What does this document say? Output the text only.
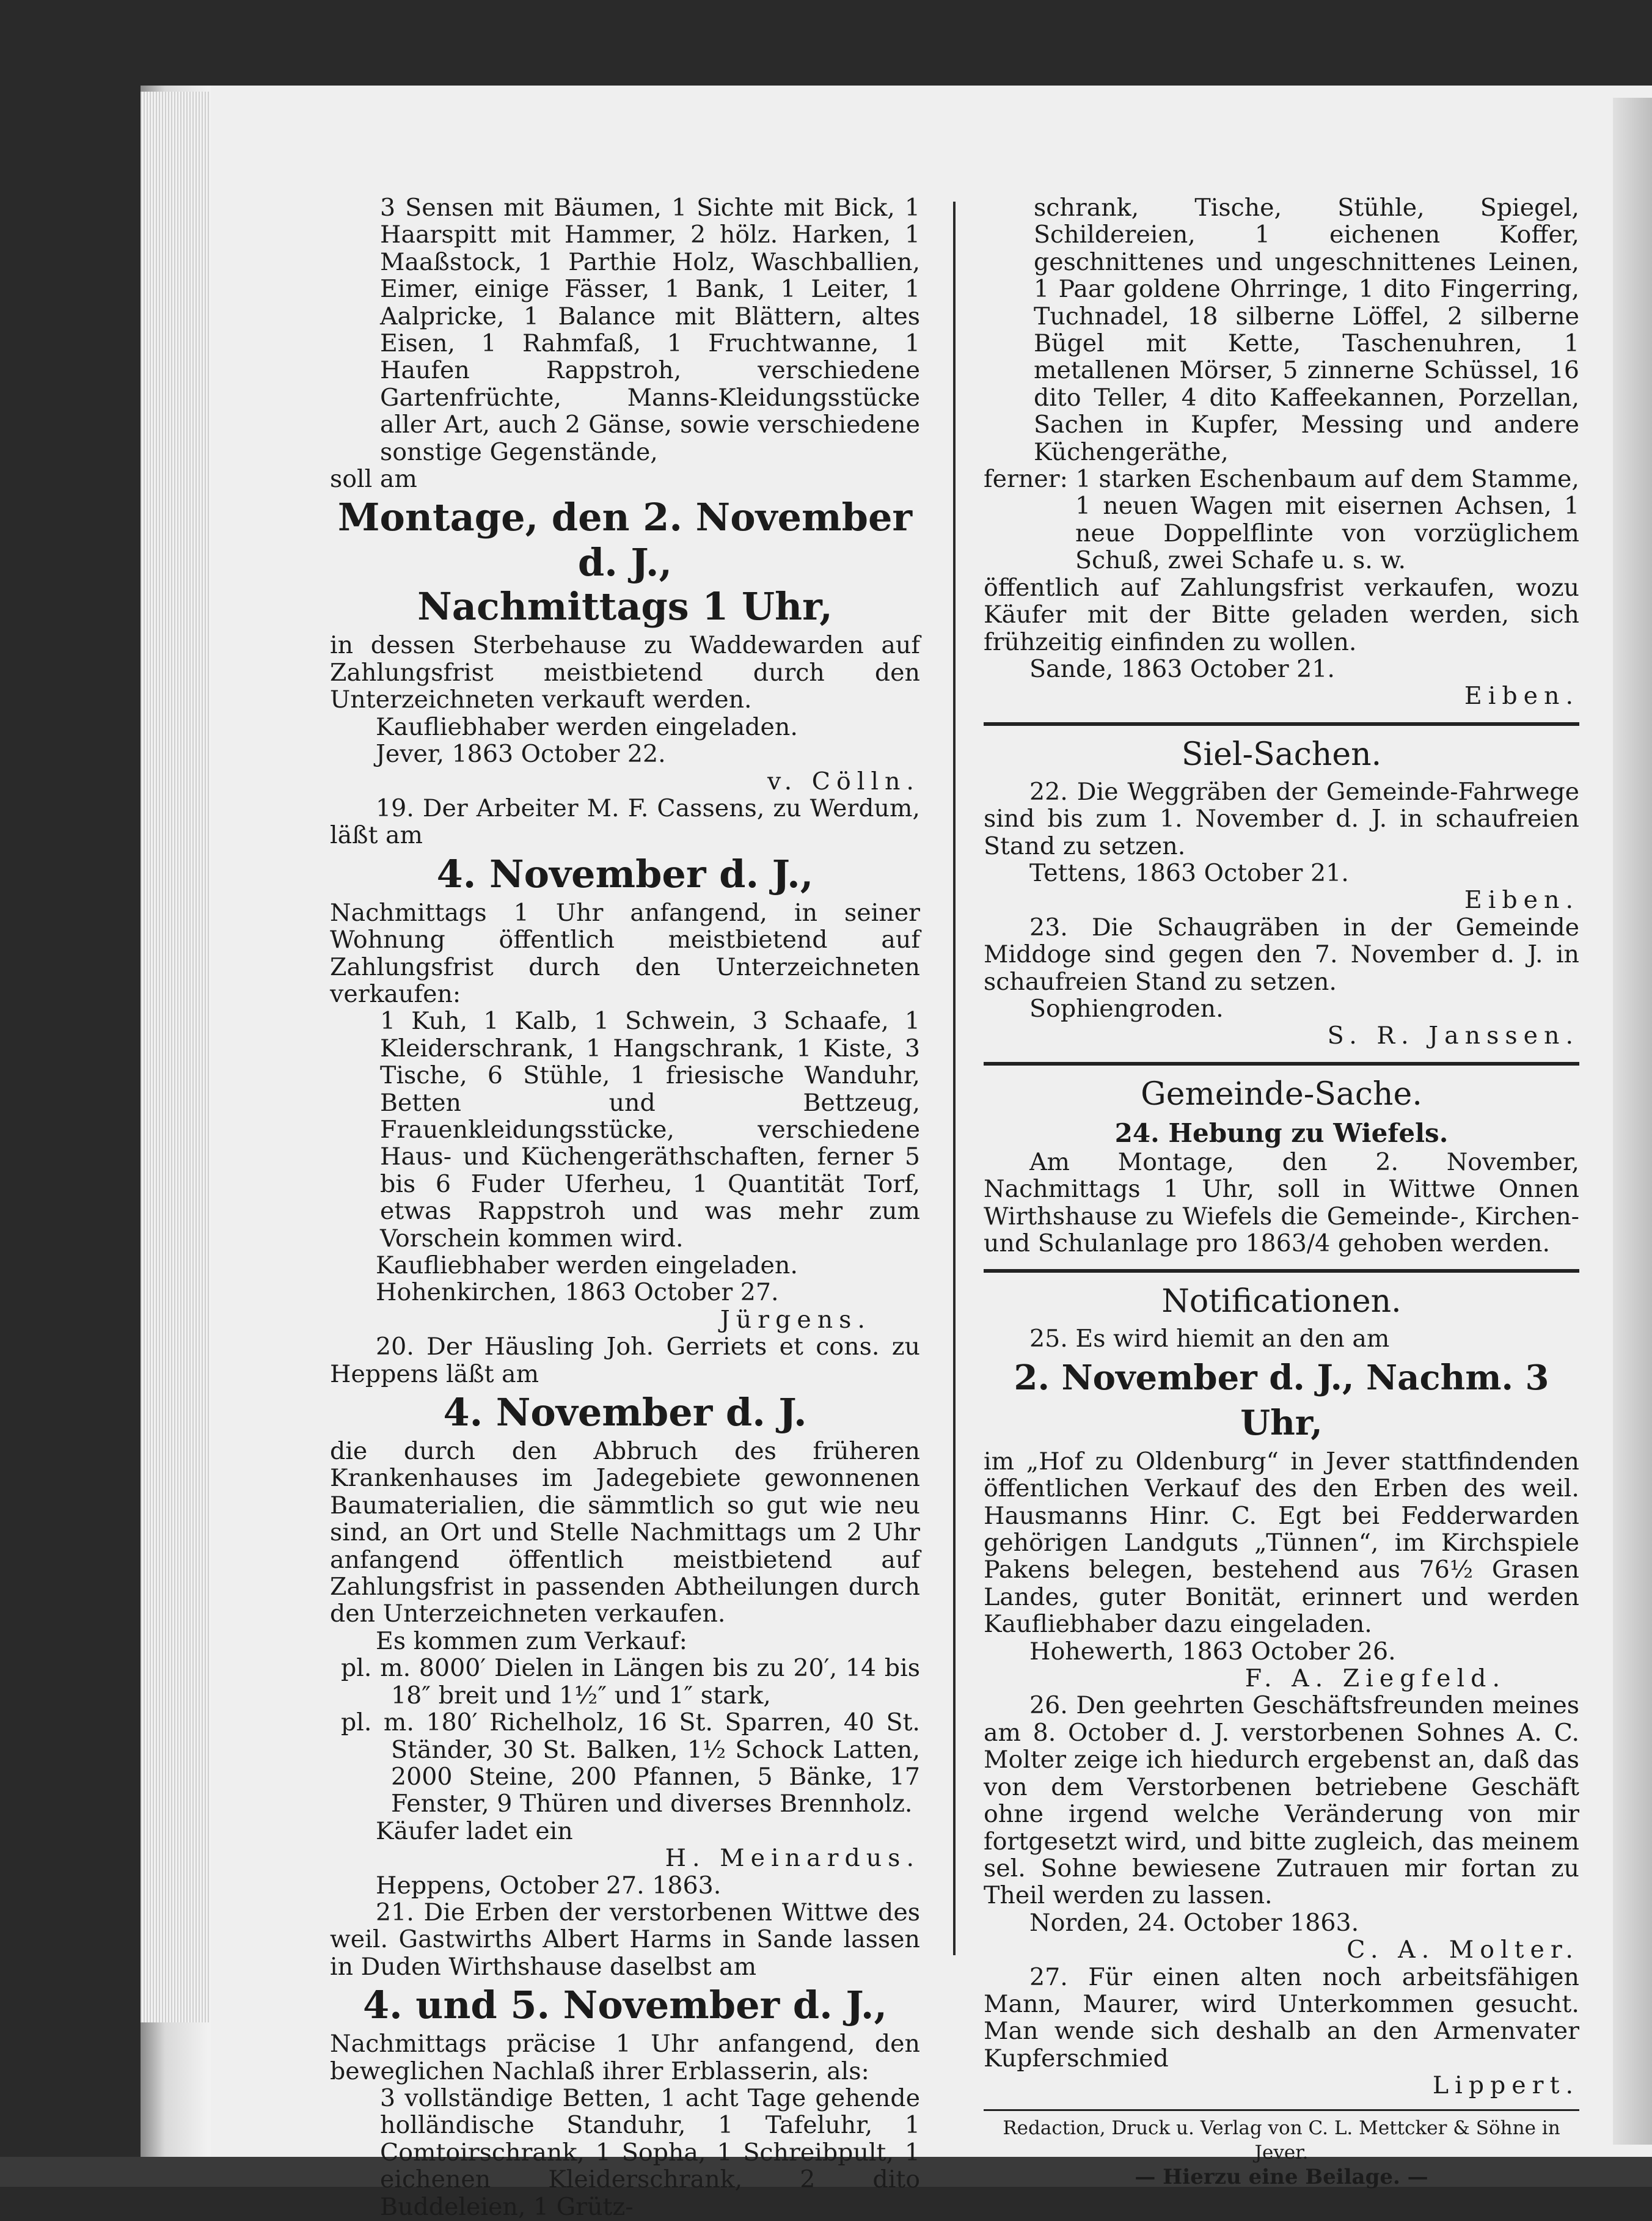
3 Sensen mit Bäumen, 1 Sichte mit Bick, 1 Haarspitt mit Hammer, 2 hölz. Harken, 1 Maaßstock, 1 Parthie Holz, Waschballien, Eimer, einige Fässer, 1 Bank, 1 Leiter, 1 Aalpricke, 1 Balance mit Blättern, altes Eisen, 1 Rahmfaß, 1 Fruchtwanne, 1 Haufen Rappstroh, verschiedene Gartenfrüchte, Manns-Kleidungsstücke aller Art, auch 2 Gänse, sowie verschiedene sonstige Gegenstände,

soll am

Montage, den 2. November d. J.,
Nachmittags 1 Uhr,

in dessen Sterbehause zu Waddewarden auf Zahlungsfrist meistbietend durch den Unterzeichneten verkauft werden.

Kaufliebhaber werden eingeladen.

Jever, 1863 October 22.

v. Cölln.

19. Der Arbeiter M. F. Cassens, zu Werdum, läßt am

4. November d. J.,

Nachmittags 1 Uhr anfangend, in seiner Wohnung öffentlich meistbietend auf Zahlungsfrist durch den Unterzeichneten verkaufen:

1 Kuh, 1 Kalb, 1 Schwein, 3 Schaafe, 1 Kleiderschrank, 1 Hangschrank, 1 Kiste, 3 Tische, 6 Stühle, 1 friesische Wanduhr, Betten und Bettzeug, Frauenkleidungsstücke, verschiedene Haus- und Küchengeräthschaften, ferner 5 bis 6 Fuder Uferheu, 1 Quantität Torf, etwas Rappstroh und was mehr zum Vorschein kommen wird.

Kaufliebhaber werden eingeladen.

Hohenkirchen, 1863 October 27.

Jürgens.

20. Der Häusling Joh. Gerriets et cons. zu Heppens läßt am

4. November d. J.

die durch den Abbruch des früheren Krankenhauses im Jadegebiete gewonnenen Baumaterialien, die sämmtlich so gut wie neu sind, an Ort und Stelle Nachmittags um 2 Uhr anfangend öffentlich meistbietend auf Zahlungsfrist in passenden Abtheilungen durch den Unterzeichneten verkaufen.

Es kommen zum Verkauf:

pl. m. 8000′ Dielen in Längen bis zu 20′, 14 bis 18″ breit und 1½″ und 1″ stark,

pl. m. 180′ Richelholz, 16 St. Sparren, 40 St. Ständer, 30 St. Balken, 1½ Schock Latten, 2000 Steine, 200 Pfannen, 5 Bänke, 17 Fenster, 9 Thüren und diverses Brennholz.

Käufer ladet ein

H. Meinardus.

Heppens, October 27. 1863.

21. Die Erben der verstorbenen Wittwe des weil. Gastwirths Albert Harms in Sande lassen in Duden Wirthshause daselbst am

4. und 5. November d. J.,

Nachmittags präcise 1 Uhr anfangend, den beweglichen Nachlaß ihrer Erblasserin, als:

3 vollständige Betten, 1 acht Tage gehende holländische Standuhr, 1 Tafeluhr, 1 Comtoirschrank, 1 Sopha, 1 Schreibpult, 1 eichenen Kleiderschrank, 2 dito Buddeleien, 1 Grütz-

schrank, Tische, Stühle, Spiegel, Schildereien, 1 eichenen Koffer, geschnittenes und ungeschnittenes Leinen, 1 Paar goldene Ohrringe, 1 dito Fingerring, Tuchnadel, 18 silberne Löffel, 2 silberne Bügel mit Kette, Taschenuhren, 1 metallenen Mörser, 5 zinnerne Schüssel, 16 dito Teller, 4 dito Kaffeekannen, Porzellan, Sachen in Kupfer, Messing und andere Küchengeräthe,

ferner: 1 starken Eschenbaum auf dem Stamme, 1 neuen Wagen mit eisernen Achsen, 1 neue Doppelflinte von vorzüglichem Schuß, zwei Schafe u. s. w.

öffentlich auf Zahlungsfrist verkaufen, wozu Käufer mit der Bitte geladen werden, sich frühzeitig einfinden zu wollen.

Sande, 1863 October 21.

Eiben.

Siel-Sachen.

22. Die Weggräben der Gemeinde-Fahrwege sind bis zum 1. November d. J. in schaufreien Stand zu setzen.

Tettens, 1863 October 21.

Eiben.

23. Die Schaugräben in der Gemeinde Middoge sind gegen den 7. November d. J. in schaufreien Stand zu setzen.

Sophiengroden.

S. R. Janssen.

Gemeinde-Sache.
24. Hebung zu Wiefels.

Am Montage, den 2. November, Nachmittags 1 Uhr, soll in Wittwe Onnen Wirthshause zu Wiefels die Gemeinde-, Kirchen- und Schulanlage pro 1863/4 gehoben werden.

Notificationen.

25. Es wird hiemit an den am

2. November d. J., Nachm. 3 Uhr,

im „Hof zu Oldenburg“ in Jever stattfindenden öffentlichen Verkauf des den Erben des weil. Hausmanns Hinr. C. Egt bei Fedderwarden gehörigen Landguts „Tünnen“, im Kirchspiele Pakens belegen, bestehend aus 76½ Grasen Landes, guter Bonität, erinnert und werden Kaufliebhaber dazu eingeladen.

Hohewerth, 1863 October 26.

F. A. Ziegfeld.

26. Den geehrten Geschäftsfreunden meines am 8. October d. J. verstorbenen Sohnes A. C. Molter zeige ich hiedurch ergebenst an, daß das von dem Verstorbenen betriebene Geschäft ohne irgend welche Veränderung von mir fortgesetzt wird, und bitte zugleich, das meinem sel. Sohne bewiesene Zutrauen mir fortan zu Theil werden zu lassen.

Norden, 24. October 1863.

C. A. Molter.

27. Für einen alten noch arbeitsfähigen Mann, Maurer, wird Unterkommen gesucht. Man wende sich deshalb an den Armenvater Kupferschmied

Lippert.

Redaction, Druck u. Verlag von C. L. Mettcker & Söhne in Jever.

— Hierzu eine Beilage. —
